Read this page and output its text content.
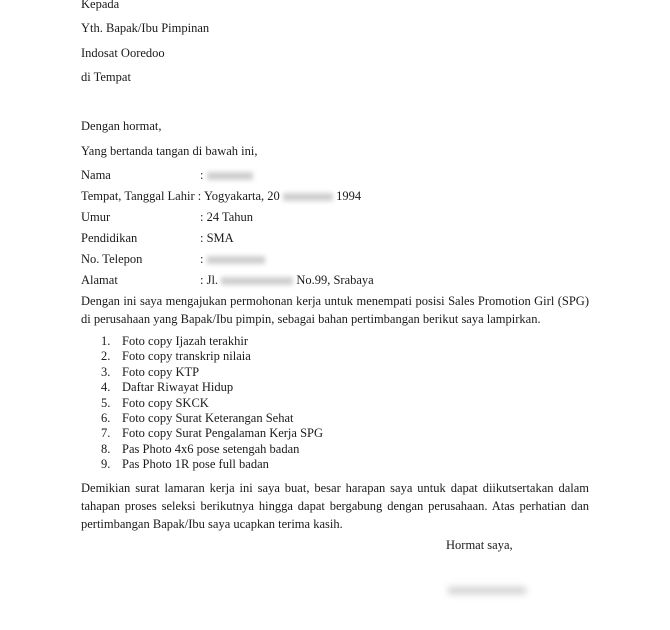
Kepada
Yth. Bapak/Ibu Pimpinan
Indosat Ooredoo
di Tempat
Dengan hormat,
Yang bertanda tangan di bawah ini,
Nama	:
Tempat, Tanggal Lahir : Yogyakarta, 20	1994
Umur	: 24 Tahun
Pendidikan	: SMA
No. Telepon	:
Alamat	: Jl.	No.99, Srabaya
Dengan ini saya mengajukan permohonan kerja untuk menempati posisi Sales Promotion Girl (SPG) di perusahaan yang Bapak/Ibu pimpin, sebagai bahan pertimbangan berikut saya lampirkan.
1. Foto copy Ijazah terakhir
2. Foto copy transkrip nilaia
3. Foto copy KTP
4. Daftar Riwayat Hidup
5. Foto copy SKCK
6. Foto copy Surat Keterangan Sehat
7. Foto copy Surat Pengalaman Kerja SPG
8. Pas Photo 4x6 pose setengah badan
9. Pas Photo 1R pose full badan
Demikian surat lamaran kerja ini saya buat, besar harapan saya untuk dapat diikutsertakan dalam tahapan proses seleksi berikutnya hingga dapat bergabung dengan perusahaan. Atas perhatian dan pertimbangan Bapak/Ibu saya ucapkan terima kasih.
Hormat saya,
